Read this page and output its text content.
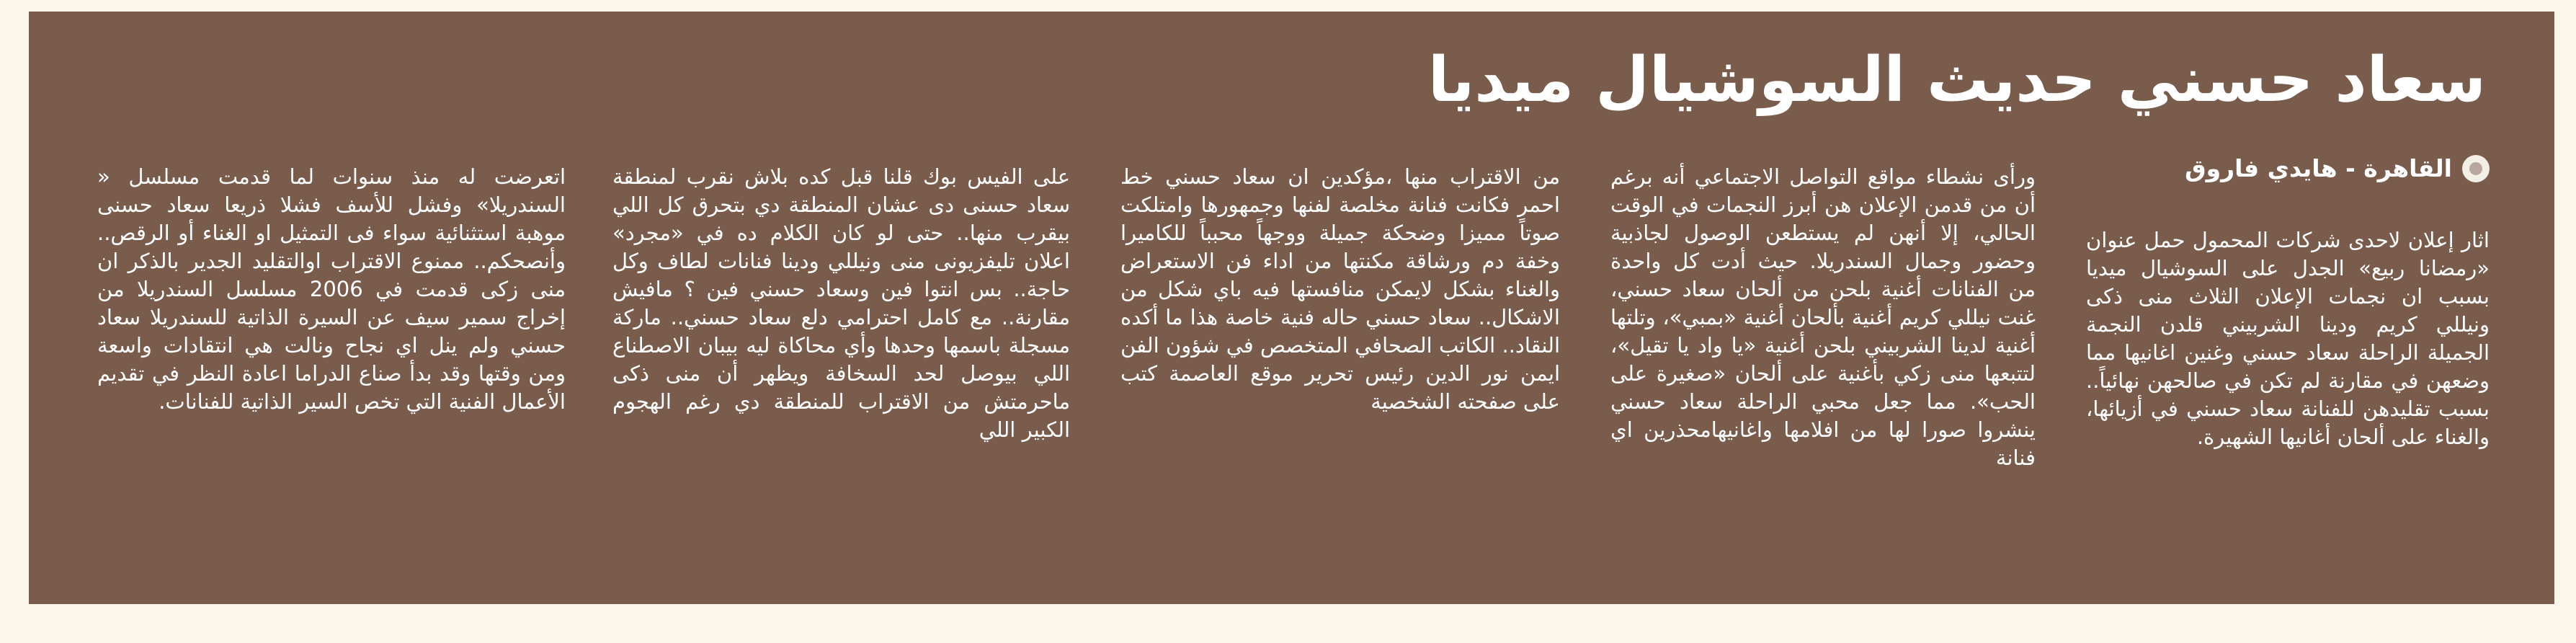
سعاد حسني حديث السوشيال ميديا
القاهرة - هايدي فاروق

اثار إعلان لاحدى شركات المحمول حمل عنوان «رمضانا ربيع» الجدل على السوشيال ميديا بسبب ان نجمات الإعلان الثلاث منى ذكى ونيللي كريم ودينا الشربيني قلدن النجمة الجميلة الراحلة سعاد حسني وغنين اغانيها مما وضعهن في مقارنة لم تكن في صالحهن نهائياً.. بسبب تقليدهن للفنانة سعاد حسني في أزيائها، والغناء على ألحان أغانيها الشهيرة.

ورأى نشطاء مواقع التواصل الاجتماعي أنه برغم أن من قدمن الإعلان هن أبرز النجمات في الوقت الحالي، إلا أنهن لم يستطعن الوصول لجاذبية وحضور وجمال السندريلا. حيث أدت كل واحدة من الفنانات أغنية بلحن من ألحان سعاد حسني، غنت نيللي كريم أغنية بألحان أغنية «بمبي»، وتلتها أغنية لدينا الشربيني بلحن أغنية «يا واد يا تقيل»، لتتبعها منى زكي بأغنية على ألحان «صغيرة على الحب». مما جعل محبي الراحلة سعاد حسني ينشروا صورا لها من افلامها واغانيهامحذرين اي فنانة

من الاقتراب منها ،مؤكدين ان سعاد حسني خط احمر فكانت فنانة مخلصة لفنها وجمهورها وامتلكت صوتاً مميزا وضحكة جميلة ووجهاً محبباً للكاميرا وخفة دم ورشاقة مكنتها من اداء فن الاستعراض والغناء بشكل لايمكن منافستها فيه باي شكل من الاشكال.. سعاد حسني حاله فنية خاصة هذا ما أكده النقاد.. الكاتب الصحافي المتخصص في شؤون الفن ايمن نور الدين رئيس تحرير موقع العاصمة كتب على صفحته الشخصية

على الفيس بوك قلنا قبل كده بلاش نقرب لمنطقة سعاد حسنى دى عشان المنطقة دي بتحرق كل اللي بيقرب منها.. حتى لو كان الكلام ده في «مجرد» اعلان تليفزيونى منى ونيللي ودينا فنانات لطاف وكل حاجة.. بس انتوا فين وسعاد حسني فين ؟ مافيش مقارنة.. مع كامل احترامي دلع سعاد حسني.. ماركة مسجلة باسمها وحدها وأي محاكاة ليه بيبان الاصطناع اللي بيوصل لحد السخافة ويظهر أن منى ذكى ماحرمتش من الاقتراب للمنطقة دي رغم الهجوم الكبير اللي

اتعرضت له منذ سنوات لما قدمت مسلسل « السندريلا» وفشل للأسف فشلا ذريعا سعاد حسنى موهبة استثنائية سواء فى التمثيل او الغناء أو الرقص.. وأنصحكم.. ممنوع الاقتراب اوالتقليد الجدير بالذكر ان منى زكى قدمت في 2006 مسلسل السندريلا من إخراج سمير سيف عن السيرة الذاتية للسندريلا سعاد حسني ولم ينل اي نجاح ونالت هي انتقادات واسعة ومن وقتها وقد بدأ صناع الدراما اعادة النظر في تقديم الأعمال الفنية التي تخص السير الذاتية للفنانات.
